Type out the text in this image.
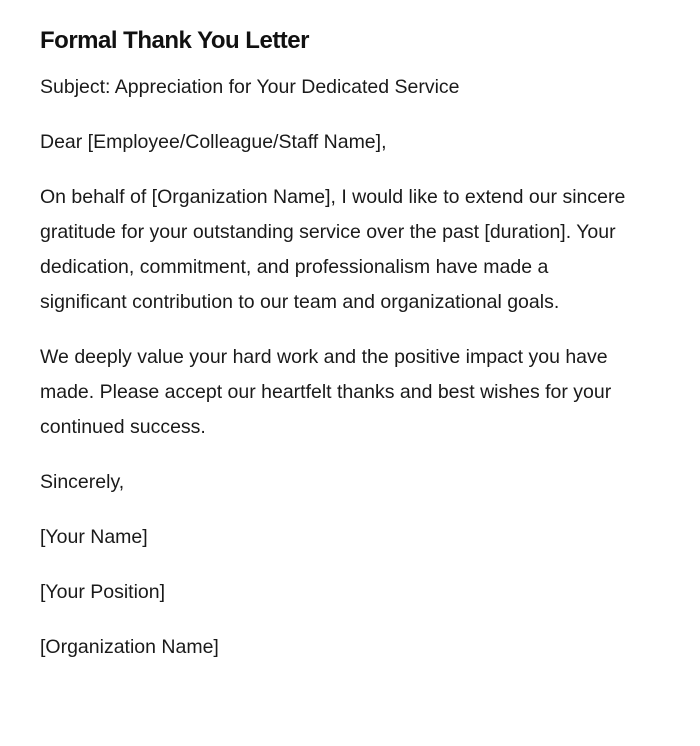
Formal Thank You Letter

Subject: Appreciation for Your Dedicated Service

Dear [Employee/Colleague/Staff Name],

On behalf of [Organization Name], I would like to extend our sincere gratitude for your outstanding service over the past [duration]. Your dedication, commitment, and professionalism have made a significant contribution to our team and organizational goals.

We deeply value your hard work and the positive impact you have made. Please accept our heartfelt thanks and best wishes for your continued success.

Sincerely,

[Your Name]

[Your Position]

[Organization Name]
